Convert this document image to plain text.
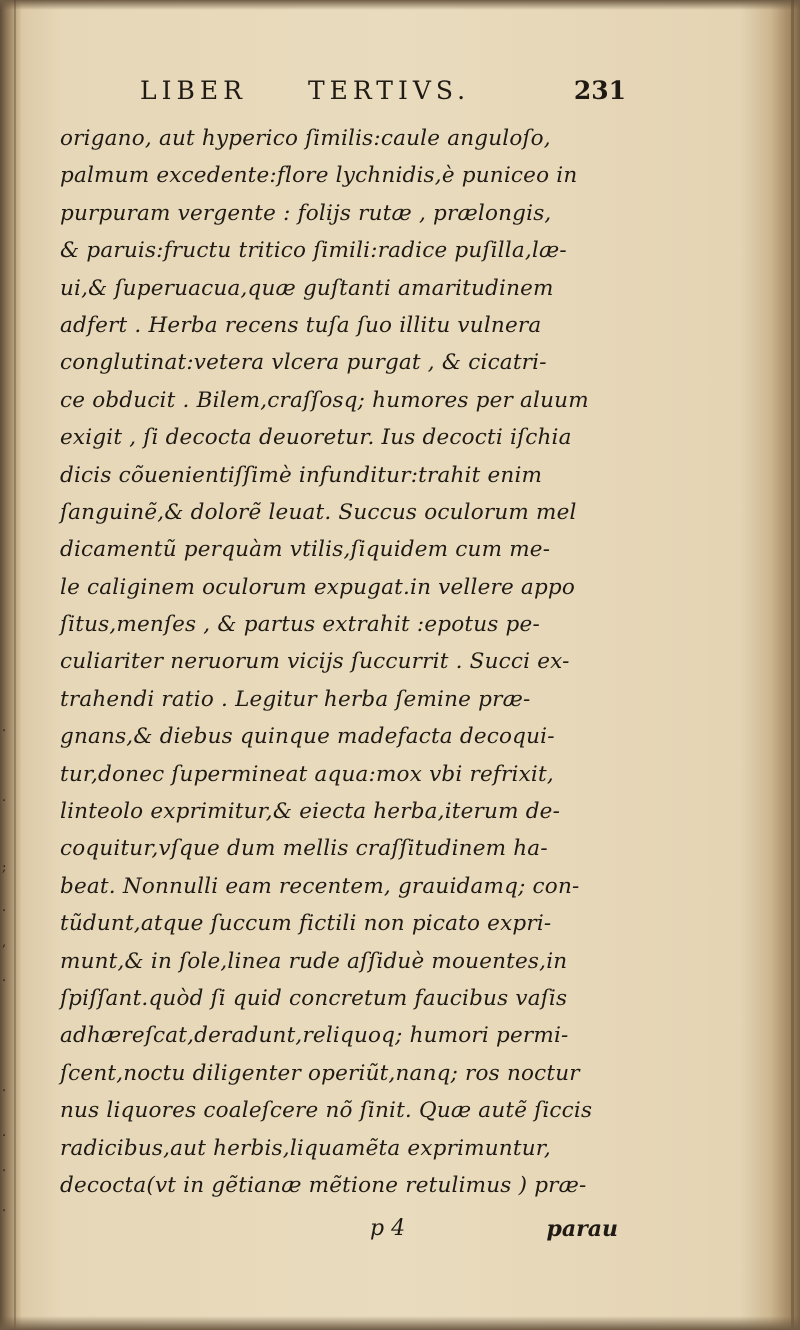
.
.
;
.
,
.
.
.
.
.
LIBER TERTIVS.	231
origano, aut hyperico ſimilis:caule anguloſo,
palmum excedente:flore lychnidis,è puniceo in
purpuram vergente : folijs rutæ , prælongis,
& paruis:fructu tritico ſimili:radice puſilla,læ-
ui,& ſuperuacua,quæ guſtanti amaritudinem
adfert . Herba recens tuſa ſuo illitu vulnera
conglutinat:vetera vlcera purgat , & cicatri-
ce obducit . Bilem,craſſosq; humores per aluum
exigit , ſi decocta deuoretur. Ius decocti iſchia
dicis cõuenientiſſimè infunditur:trahit enim
ſanguinẽ,& dolorẽ leuat. Succus oculorum mel
dicamentũ perquàm vtilis,ſiquidem cum me-
le caliginem oculorum expugat.in vellere appo
ſitus,menſes , & partus extrahit :epotus pe-
culiariter neruorum vicijs ſuccurrit . Succi ex-
trahendi ratio . Legitur herba ſemine præ-
gnans,& diebus quinque madefacta decoqui-
tur,donec ſupermineat aqua:mox vbi refrixit,
linteolo exprimitur,& eiecta herba,iterum de-
coquitur,vſque dum mellis craſſitudinem ha-
beat. Nonnulli eam recentem, grauidamq; con-
tũdunt,atque ſuccum fictili non picato expri-
munt,& in ſole,linea rude aſſiduè mouentes,in
ſpiſſant.quòd ſi quid concretum faucibus vaſis
adhæreſcat,deradunt,reliquoq; humori permi-
ſcent,noctu diligenter operiũt,nanq; ros noctur
nus liquores coaleſcere nõ ſinit. Quæ autẽ ſiccis
radicibus,aut herbis,liquamẽta exprimuntur,
decocta(vt in gẽtianæ mẽtione retulimus ) præ-
p 4	parau
